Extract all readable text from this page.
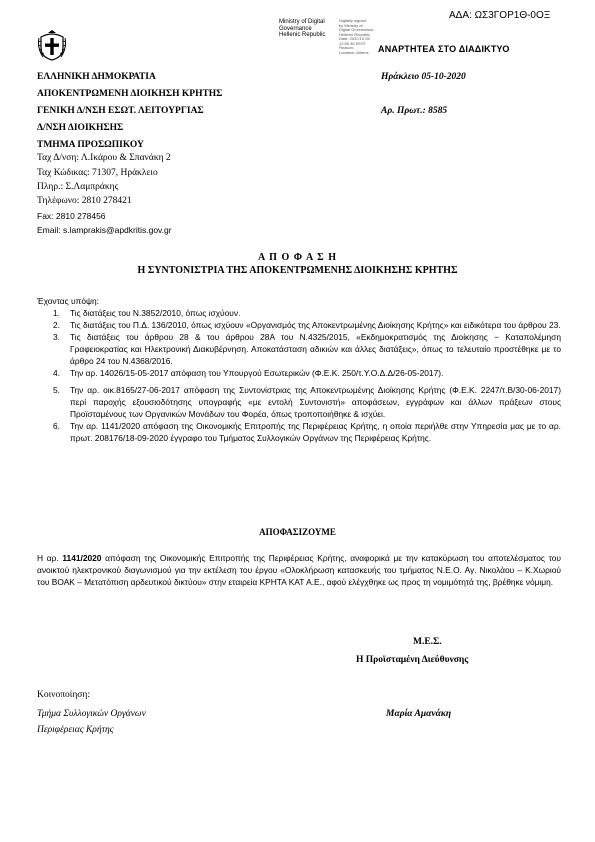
ΑΔΑ: ΩΣ3ΓΟΡ1Θ-0ΟΞ
Ministry of Digital
Governance
Hellenic Republic
Digitally signed
by Ministry of
Digital Governance,
Hellenic Republic
Date: 2020.10.05
12:55:35 EEST
Reason:
Location: Athens	ΑΝΑΡΤΗΤΕΑ ΣΤΟ ΔΙΑΔΙΚΤΥΟ
ΕΛΛΗΝΙΚΗ ΔΗΜΟΚΡΑΤΙΑ
ΑΠΟΚΕΝΤΡΩΜΕΝΗ ΔΙΟΙΚΗΣΗ ΚΡΗΤΗΣ
ΓΕΝΙΚΗ Δ/ΝΣΗ ΕΣΩΤ. ΛΕΙΤΟΥΡΓΙΑΣ
Δ/ΝΣΗ ΔΙΟΙΚΗΣΗΣ
ΤΜΗΜΑ ΠΡΟΣΩΠΙΚΟΥ
Ηράκλειο 05-10-2020
Αρ. Πρωτ.: 8585
Ταχ Δ/νση: Λ.Ικάρου & Σπανάκη 2
Ταχ Κώδικας: 71307, Ηράκλειο
Πληρ.: Σ.Λαμπράκης
Τηλέφωνο: 2810 278421
Fax: 2810 278456
Email: s.lamprakis@apdkritis.gov.gr
Α Π Ο Φ Α Σ Η
Η ΣΥΝΤΟΝΙΣΤΡΙΑ ΤΗΣ ΑΠΟΚΕΝΤΡΩΜΕΝΗΣ ΔΙΟΙΚΗΣΗΣ ΚΡΗΤΗΣ
Έχοντας υπόψη:
1. Τις διατάξεις του Ν.3852/2010, όπως ισχύουν.
2. Τις διατάξεις του Π.Δ. 136/2010, όπως ισχύουν «Οργανισμός της Αποκεντρωμένης Διοίκησης Κρήτης» και ειδικότερα του άρθρου 23.
3. Τις διατάξεις του άρθρου 28 & του άρθρου 28Α του Ν.4325/2015, «Εκδημοκρατισμός της Διοίκησης − Καταπολέμηση Γραφειοκρατίας και Ηλεκτρονική Διακυβέρνηση. Αποκατάσταση αδικιών και άλλες διατάξεις», όπως το τελευταίο προστέθηκε με το άρθρο 24 του Ν.4368/2016.
4. Την αρ. 14026/15-05-2017 απόφαση του Υπουργού Εσωτερικών (Φ.Ε.Κ. 250/τ.Υ.Ο.Δ.Δ/26-05-2017).
5. Την αρ. οικ.8165/27-06-2017 απόφαση της Συντονίστριας της Αποκεντρωμένης Διοίκησης Κρήτης (Φ.Ε.Κ. 2247/τ.Β/30-06-2017) περί παροχής εξουσιοδότησης υπογραφής «με εντολή Συντονιστή» αποφάσεων, εγγράφων και άλλων πράξεων στους Προϊσταμένους των Οργανικών Μονάδων του Φορέα, όπως τροποποιήθηκε & ισχύει.
6. Την αρ. 1141/2020 απόφαση της Οικονομικής Επιτροπής της Περιφέρειας Κρήτης, η οποία περιήλθε στην Υπηρεσία μας με το αρ. πρωτ. 208176/18-09-2020 έγγραφο του Τμήματος Συλλογικών Οργάνων της Περιφέρειας Κρήτης.
ΑΠΟΦΑΣΙΖΟΥΜΕ
Η αρ. 1141/2020 απόφαση της Οικονομικής Επιτροπής της Περιφέρειας Κρήτης, αναφορικά με την κατακύρωση του αποτελέσματος του ανοικτού ηλεκτρονικού διαγωνισμού για την εκτέλεση του έργου «Ολοκλήρωση κατασκευής του τμήματος Ν.Ε.Ο. Αγ. Νικολάου – Κ.Χωριού του ΒΟΑΚ – Μετατόπιση αρδευτικού δικτύου» στην εταιρεία ΚΡΗΤΑ ΚΑΤ Α.Ε., αφού ελέγχθηκε ως προς τη νομιμότητά της, βρέθηκε νόμιμη.
Μ.Ε.Σ.
Η Προϊσταμένη Διεύθυνσης
Μαρία Αμανάκη
Κοινοποίηση:
Τμήμα Συλλογικών Οργάνων
Περιφέρειας Κρήτης
